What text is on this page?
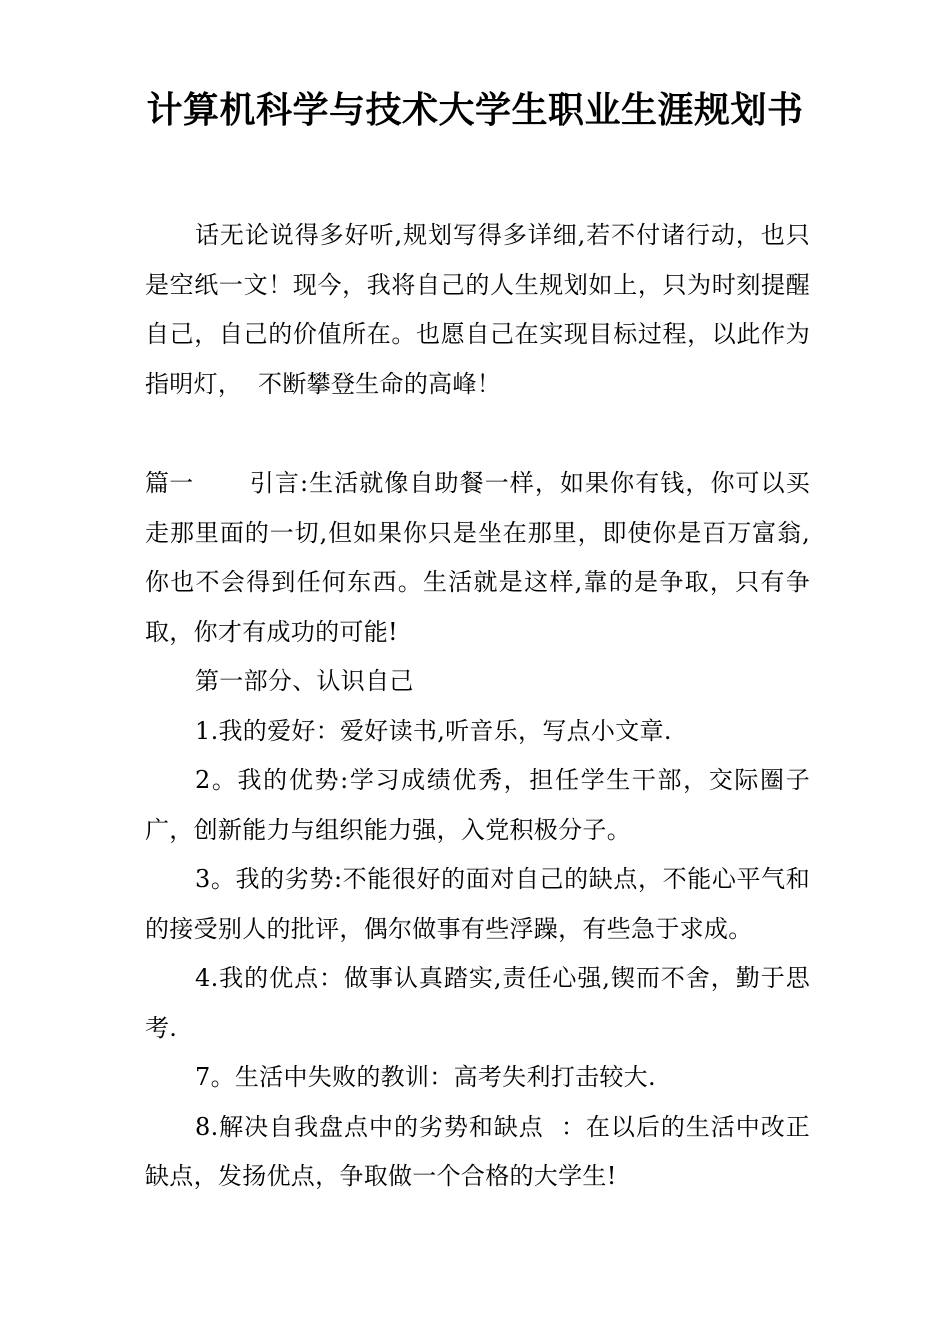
计算机科学与技术大学生职业生涯规划书

话无论说得多好听,规划写得多详细,若不付诸行动，也只是空纸一文！现今，我将自己的人生规划如上，只为时刻提醒自己，自己的价值所在。也愿自己在实现目标过程，以此作为指明灯，  不断攀登生命的高峰！

篇一 引言:生活就像自助餐一样，如果你有钱，你可以买走那里面的一切,但如果你只是坐在那里，即使你是百万富翁,你也不会得到任何东西。生活就是这样,靠的是争取，只有争取，你才有成功的可能!

第一部分、认识自己

1.我的爱好：爱好读书,听音乐，写点小文章.

2。我的优势:学习成绩优秀，担任学生干部，交际圈子广，创新能力与组织能力强，入党积极分子。

3。我的劣势:不能很好的面对自己的缺点，不能心平气和的接受别人的批评，偶尔做事有些浮躁，有些急于求成。

4.我的优点：做事认真踏实,责任心强,锲而不舍，勤于思考.

7。生活中失败的教训：高考失利打击较大.

8.解决自我盘点中的劣势和缺点  ：在以后的生活中改正缺点，发扬优点，争取做一个合格的大学生!
